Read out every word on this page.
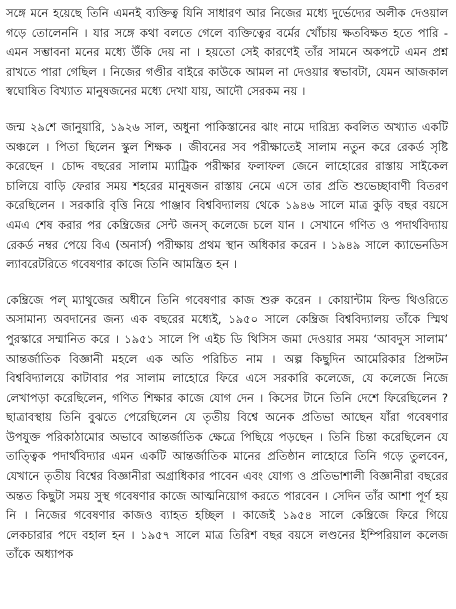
সঙ্গে মনে হয়েছে তিনি এমনই ব্যক্তিত্ব যিনি সাধারণ আর নিজের মধ্যে দুর্ভেদ্যের অলীক দেওয়াল গড়ে তোলেননি । যার সঙ্গে কথা বলতে গেলে ব্যক্তিত্বের বর্মের খোঁচায় ক্ষতবিক্ষত হতে পারি - এমন সম্ভাবনা মনের মধ্যে উঁকি দেয় না । হয়তো সেই কারণেই তাঁর সামনে অকপটে এমন প্রশ্ন রাখতে পারা গেছিল । নিজের গণ্ডীর বাইরে কাউকে আমল না দেওয়ার স্বভাবটা, যেমন আজকাল স্বঘোষিত বিখ্যাত মানুষজনের মধ্যে দেখা যায়, আদৌ সেরকম নয় ।

জন্ম ২৯শে জানুয়ারি, ১৯২৬ সাল, অধুনা পাকিস্তানের ঝাং নামে দারিদ্র্য কবলিত অখ্যাত একটি অঞ্চলে । পিতা ছিলেন স্কুল শিক্ষক । জীবনের সব পরীক্ষাতেই সালাম নতুন করে রেকর্ড সৃষ্টি করেছেন । চোদ্দ বছরের সালাম ম্যাট্রিক পরীক্ষার ফলাফল জেনে লাহোরের রাস্তায় সাইকেল চালিয়ে বাড়ি ফেরার সময় শহরের মানুষজন রাস্তায় নেমে এসে তার প্রতি শুভেচ্ছাবাণী বিতরণ করেছিলেন । সরকারি বৃত্তি নিয়ে পাঞ্জাব বিশ্ববিদ্যালয় থেকে ১৯৪৬ সালে মাত্র কুড়ি বছর বয়সে এমএ শেষ করার পর কেম্ব্রিজের সেন্ট জনস্ কলেজে চলে যান । সেখানে গণিত ও পদার্থবিদ্যায় রেকর্ড নম্বর পেয়ে বিএ (অনার্স) পরীক্ষায় প্রথম স্থান অধিকার করেন । ১৯৪৯ সালে ক্যাভেনডিস ল্যাবরেটরিতে গবেষণার কাজে তিনি আমন্ত্রিত হন ।

কেম্ব্রিজে পল্ ম্যাথুজের অধীনে তিনি গবেষণার কাজ শুরু করেন । কোয়ান্টাম ফিল্ড থিওরিতে অসামান্য অবদানের জন্য এক বছরের মধ্যেই, ১৯৫০ সালে কেম্ব্রিজ বিশ্ববিদ্যালয় তাঁকে স্মিথ পুরস্কারে সম্মানিত করে । ১৯৫১ সালে পি এইচ ডি থিসিস জমা দেওয়ার সময় ‘আবদুস সালাম’ আন্তর্জাতিক বিজ্ঞানী মহলে এক অতি পরিচিত নাম । অল্প কিছুদিন আমেরিকার প্রিন্সটন বিশ্ববিদ্যালয়ে কাটাবার পর সালাম লাহোরে ফিরে এসে সরকারি কলেজে, যে কলেজে নিজে লেখাপড়া করেছিলেন, গণিত শিক্ষার কাজে যোগ দেন । কিসের টানে তিনি দেশে ফিরেছিলেন ? ছাত্রাবস্থায় তিনি বুঝতে পেরেছিলেন যে তৃতীয় বিশ্বে অনেক প্রতিভা আছেন যাঁরা গবেষণার উপযুক্ত পরিকাঠামোর অভাবে আন্তর্জাতিক ক্ষেত্রে পিছিয়ে পড়ছেন । তিনি চিন্তা করেছিলেন যে তাত্ত্বিক পদার্থবিদ্যার এমন একটি আন্তর্জাতিক মানের প্রতিষ্ঠান লাহোরে তিনি গড়ে তুলবেন, যেখানে তৃতীয় বিশ্বের বিজ্ঞানীরা অগ্রাধিকার পাবেন এবং যোগ্য ও প্রতিভাশালী বিজ্ঞানীরা বছরের অন্তত কিছুটা সময় সুস্থ গবেষণার কাজে আত্মনিয়োগ করতে পারবেন । সেদিন তাঁর আশা পূর্ণ হয় নি । নিজের গবেষণার কাজও ব্যাহত হচ্ছিল । কাজেই ১৯৫৪ সালে কেম্ব্রিজে ফিরে গিয়ে লেকচারার পদে বহাল হন । ১৯৫৭ সালে মাত্র তিরিশ বছর বয়সে লণ্ডনের ইম্পিরিয়াল কলেজ তাঁকে অধ্যাপক
